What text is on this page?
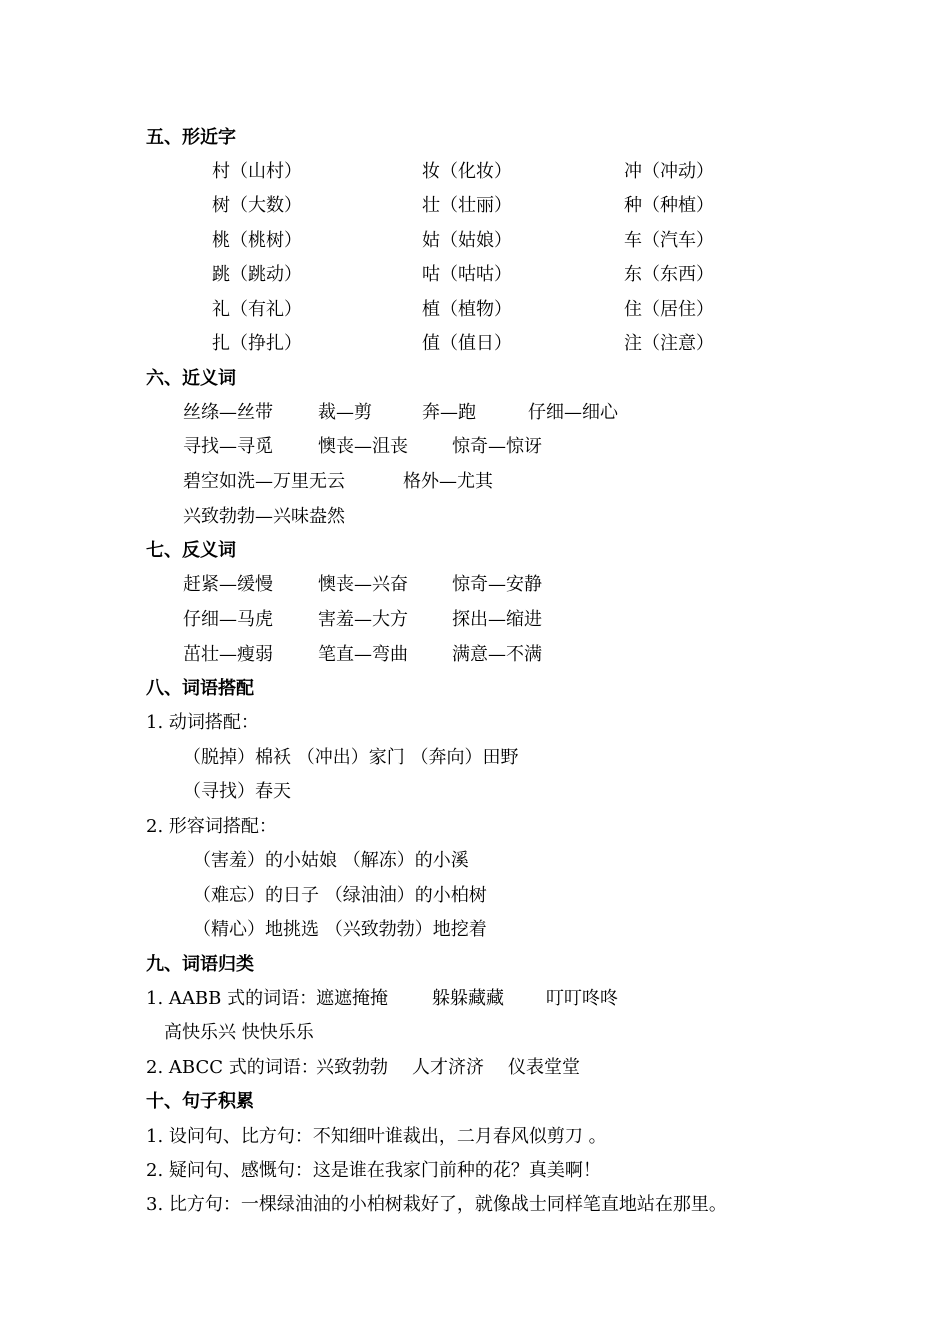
五、形近字
村（山村）	妆（化妆）	冲（冲动）
树（大数）	壮（壮丽）	种（种植）
桃（桃树）	姑（姑娘）	车（汽车）
跳（跳动）	咕（咕咕）	东（东西）
礼（有礼）	植（植物）	住（居住）
扎（挣扎）	值（值日）	注（注意）
六、近义词
丝绦—丝带	裁—剪	奔—跑	仔细—细心
寻找—寻觅	懊丧—沮丧 惊奇—惊讶
碧空如洗—万里无云	格外—尤其
兴致勃勃—兴味盎然
七、反义词
赶紧—缓慢	懊丧—兴奋 惊奇—安静
仔细—马虎	害羞—大方 探出—缩进
茁壮—瘦弱	笔直—弯曲 满意—不满
八、词语搭配
1. 动词搭配：
（脱掉）棉袄 （冲出）家门 （奔向）田野
（寻找）春天
2. 形容词搭配：
（害羞）的小姑娘 （解冻）的小溪
（难忘）的日子 （绿油油）的小柏树
（精心）地挑选 （兴致勃勃）地挖着
九、词语归类
1. AABB 式的词语：
遮遮掩掩 躲躲藏藏 叮叮咚咚
高快乐兴 快快乐乐
2. ABCC 式的词语：
兴致勃勃 人才济济 仪表堂堂
十、句子积累
1. 设问句、比方句：不知细叶谁裁出，二月春风似剪刀 。
2. 疑问句、感慨句：这是谁在我家门前种的花？真美啊！
3. 比方句：一棵绿油油的小柏树栽好了，就像战士同样笔直地站在那里。
